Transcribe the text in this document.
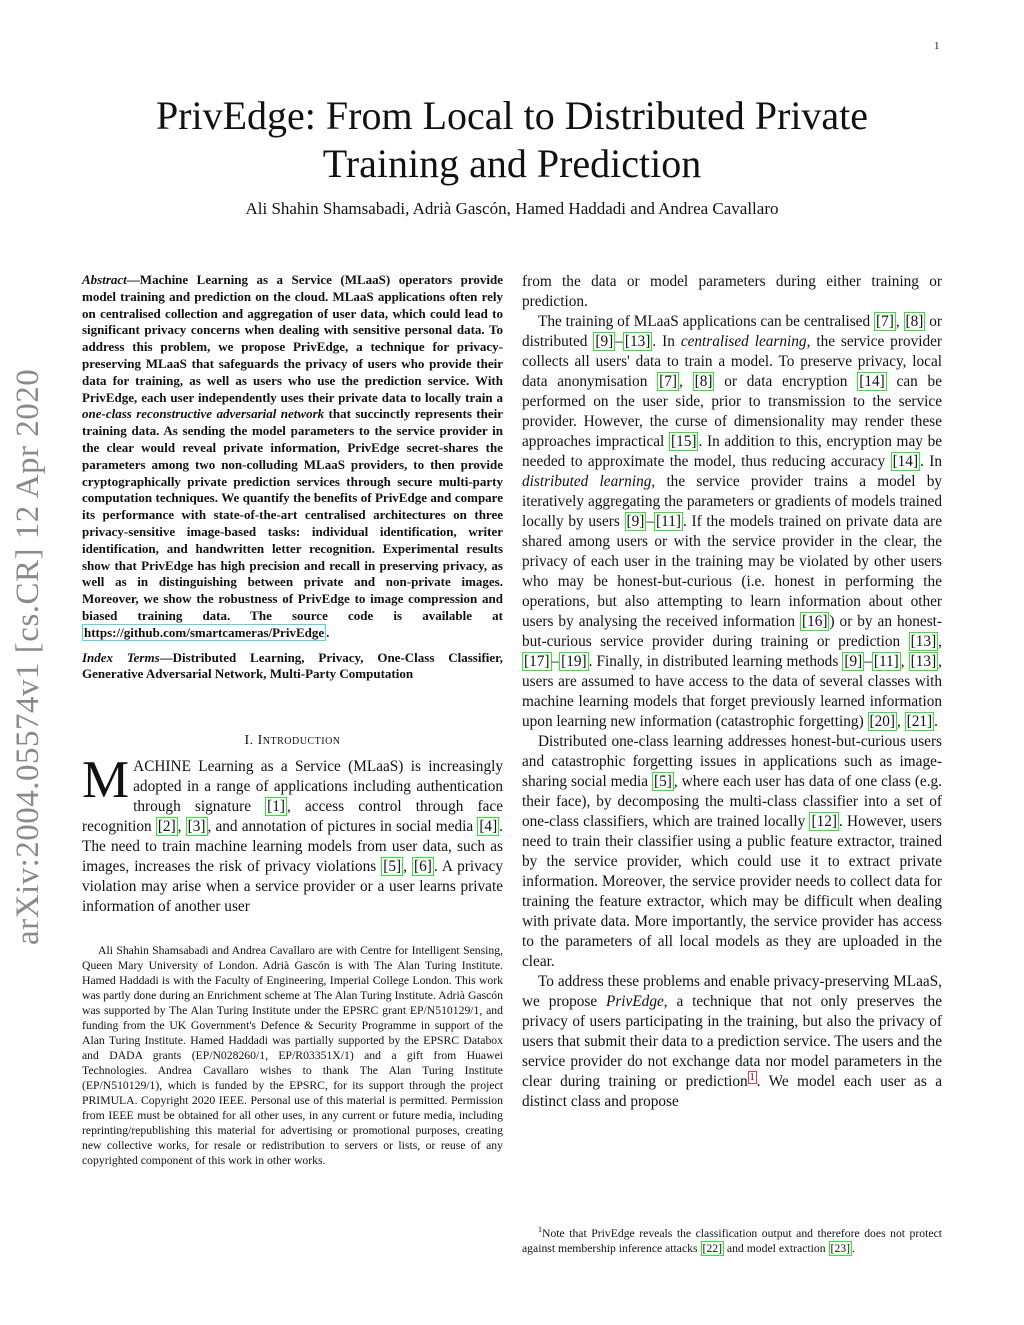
1
arXiv:2004.05574v1 [cs.CR] 12 Apr 2020
PrivEdge: From Local to Distributed Private
Training and Prediction
Ali Shahin Shamsabadi, Adrià Gascón, Hamed Haddadi and Andrea Cavallaro

Abstract—Machine Learning as a Service (MLaaS) operators provide model training and prediction on the cloud. MLaaS applications often rely on centralised collection and aggregation of user data, which could lead to significant privacy concerns when dealing with sensitive personal data. To address this problem, we propose PrivEdge, a technique for privacy-preserving MLaaS that safeguards the privacy of users who provide their data for training, as well as users who use the prediction service. With PrivEdge, each user independently uses their private data to locally train a one-class reconstructive adversarial network that succinctly represents their training data. As sending the model parameters to the service provider in the clear would reveal private information, PrivEdge secret-shares the parameters among two non-colluding MLaaS providers, to then provide cryptographically private prediction services through secure multi-party computation techniques. We quantify the benefits of PrivEdge and compare its performance with state-of-the-art centralised architectures on three privacy-sensitive image-based tasks: individual identification, writer identification, and handwritten letter recognition. Experimental results show that PrivEdge has high precision and recall in preserving privacy, as well as in distinguishing between private and non-private images. Moreover, we show the robustness of PrivEdge to image compression and biased training data. The source code is available at https://github.com/smartcameras/PrivEdge .

Index Terms—Distributed Learning, Privacy, One-Class Classifier, Generative Adversarial Network, Multi-Party Computation

I. Introduction

MACHINE Learning as a Service (MLaaS) is increasingly adopted in a range of applications including authentication through signature [1] , access control through face recognition [2] , [3] , and annotation of pictures in social media [4] . The need to train machine learning models from user data, such as images, increases the risk of privacy violations [5] , [6] . A privacy violation may arise when a service provider or a user learns private information of another user

Ali Shahin Shamsabadi and Andrea Cavallaro are with Centre for Intelligent Sensing, Queen Mary University of London. Adrià Gascón is with The Alan Turing Institute. Hamed Haddadi is with the Faculty of Engineering, Imperial College London. This work was partly done during an Enrichment scheme at The Alan Turing Institute. Adrià Gascón was supported by The Alan Turing Institute under the EPSRC grant EP/N510129/1, and funding from the UK Government's Defence & Security Programme in support of the Alan Turing Institute. Hamed Haddadi was partially supported by the EPSRC Databox and DADA grants (EP/N028260/1, EP/R03351X/1) and a gift from Huawei Technologies. Andrea Cavallaro wishes to thank The Alan Turing Institute (EP/N510129/1), which is funded by the EPSRC, for its support through the project PRIMULA. Copyright 2020 IEEE. Personal use of this material is permitted. Permission from IEEE must be obtained for all other uses, in any current or future media, including reprinting/republishing this material for advertising or promotional purposes, creating new collective works, for resale or redistribution to servers or lists, or reuse of any copyrighted component of this work in other works.

from the data or model parameters during either training or prediction.

The training of MLaaS applications can be centralised [7] , [8] or distributed [9] – [13] . In centralised learning, the service provider collects all users' data to train a model. To preserve privacy, local data anonymisation [7] , [8] or data encryption [14] can be performed on the user side, prior to transmission to the service provider. However, the curse of dimensionality may render these approaches impractical [15] . In addition to this, encryption may be needed to approximate the model, thus reducing accuracy [14] . In distributed learning, the service provider trains a model by iteratively aggregating the parameters or gradients of models trained locally by users [9] – [11] . If the models trained on private data are shared among users or with the service provider in the clear, the privacy of each user in the training may be violated by other users who may be honest-but-curious (i.e. honest in performing the operations, but also attempting to learn information about other users by analysing the received information [16] ) or by an honest-but-curious service provider during training or prediction [13] , [17] – [19] . Finally, in distributed learning methods [9] – [11] , [13] , users are assumed to have access to the data of several classes with machine learning models that forget previously learned information upon learning new information (catastrophic forgetting) [20] , [21] .

Distributed one-class learning addresses honest-but-curious users and catastrophic forgetting issues in applications such as image-sharing social media [5] , where each user has data of one class (e.g. their face), by decomposing the multi-class classifier into a set of one-class classifiers, which are trained locally [12] . However, users need to train their classifier using a public feature extractor, trained by the service provider, which could use it to extract private information. Moreover, the service provider needs to collect data for training the feature extractor, which may be difficult when dealing with private data. More importantly, the service provider has access to the parameters of all local models as they are uploaded in the clear.

To address these problems and enable privacy-preserving MLaaS, we propose PrivEdge, a technique that not only preserves the privacy of users participating in the training, but also the privacy of users that submit their data to a prediction service. The users and the service provider do not exchange data nor model parameters in the clear during training or prediction $^1$ . We model each user as a distinct class and propose

$^1$Note that PrivEdge reveals the classification output and therefore does not protect against membership inference attacks [22] and model extraction [23] .
